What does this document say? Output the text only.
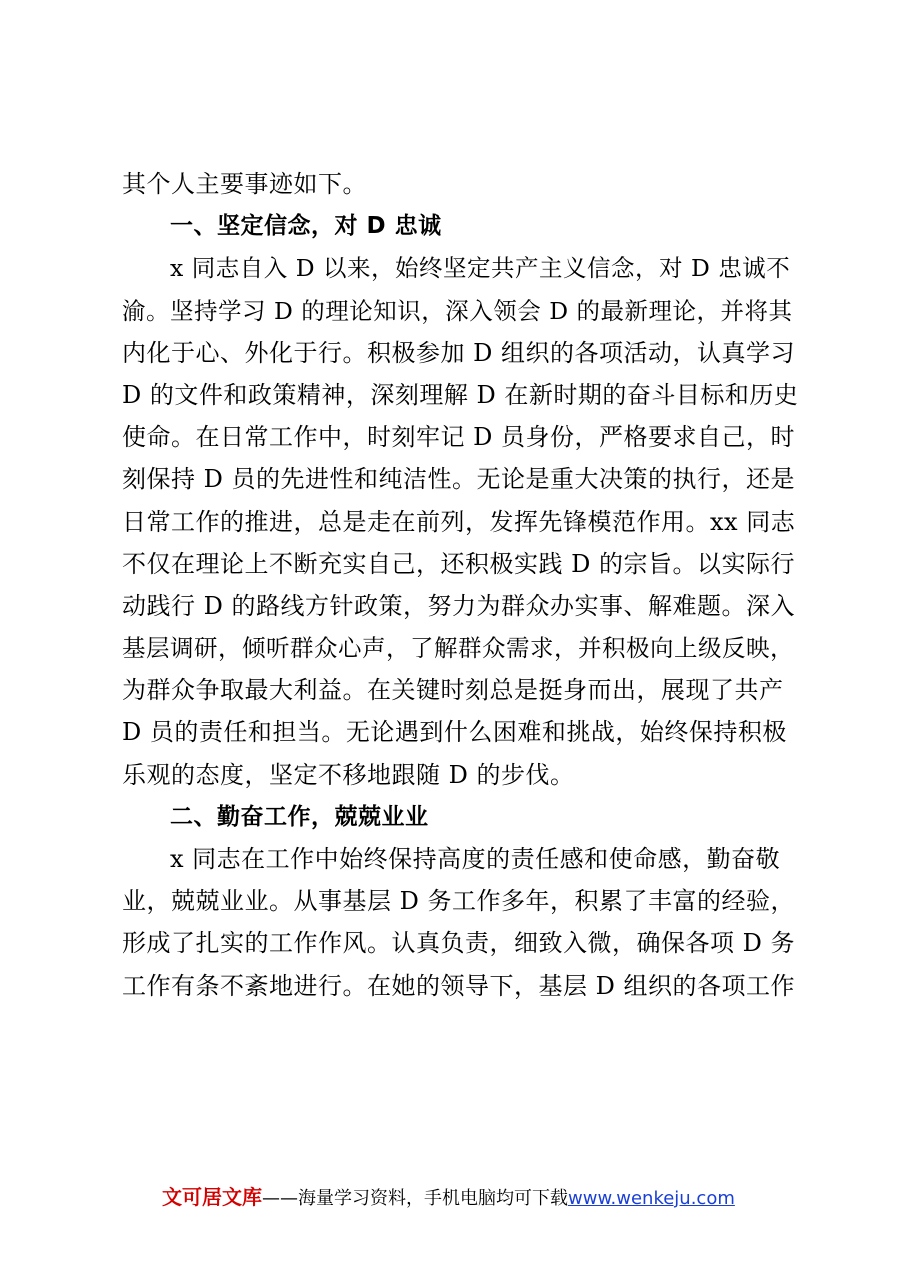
其个人主要事迹如下。
一、坚定信念，对 D 忠诚
x 同志自入 D 以来，始终坚定共产主义信念，对 D 忠诚不
渝。坚持学习 D 的理论知识，深入领会 D 的最新理论，并将其
内化于心、外化于行。积极参加 D 组织的各项活动，认真学习
D 的文件和政策精神，深刻理解 D 在新时期的奋斗目标和历史
使命。在日常工作中，时刻牢记 D 员身份，严格要求自己，时
刻保持 D 员的先进性和纯洁性。无论是重大决策的执行，还是
日常工作的推进，总是走在前列，发挥先锋模范作用。xx 同志
不仅在理论上不断充实自己，还积极实践 D 的宗旨。以实际行
动践行 D 的路线方针政策，努力为群众办实事、解难题。深入
基层调研，倾听群众心声，了解群众需求，并积极向上级反映，
为群众争取最大利益。在关键时刻总是挺身而出，展现了共产
D 员的责任和担当。无论遇到什么困难和挑战，始终保持积极
乐观的态度，坚定不移地跟随 D 的步伐。
二、勤奋工作，兢兢业业
x 同志在工作中始终保持高度的责任感和使命感，勤奋敬
业，兢兢业业。从事基层 D 务工作多年，积累了丰富的经验，
形成了扎实的工作作风。认真负责，细致入微，确保各项 D 务
工作有条不紊地进行。在她的领导下，基层 D 组织的各项工作
文可居文库——海量学习资料，手机电脑均可下载www.wenkeju.com
